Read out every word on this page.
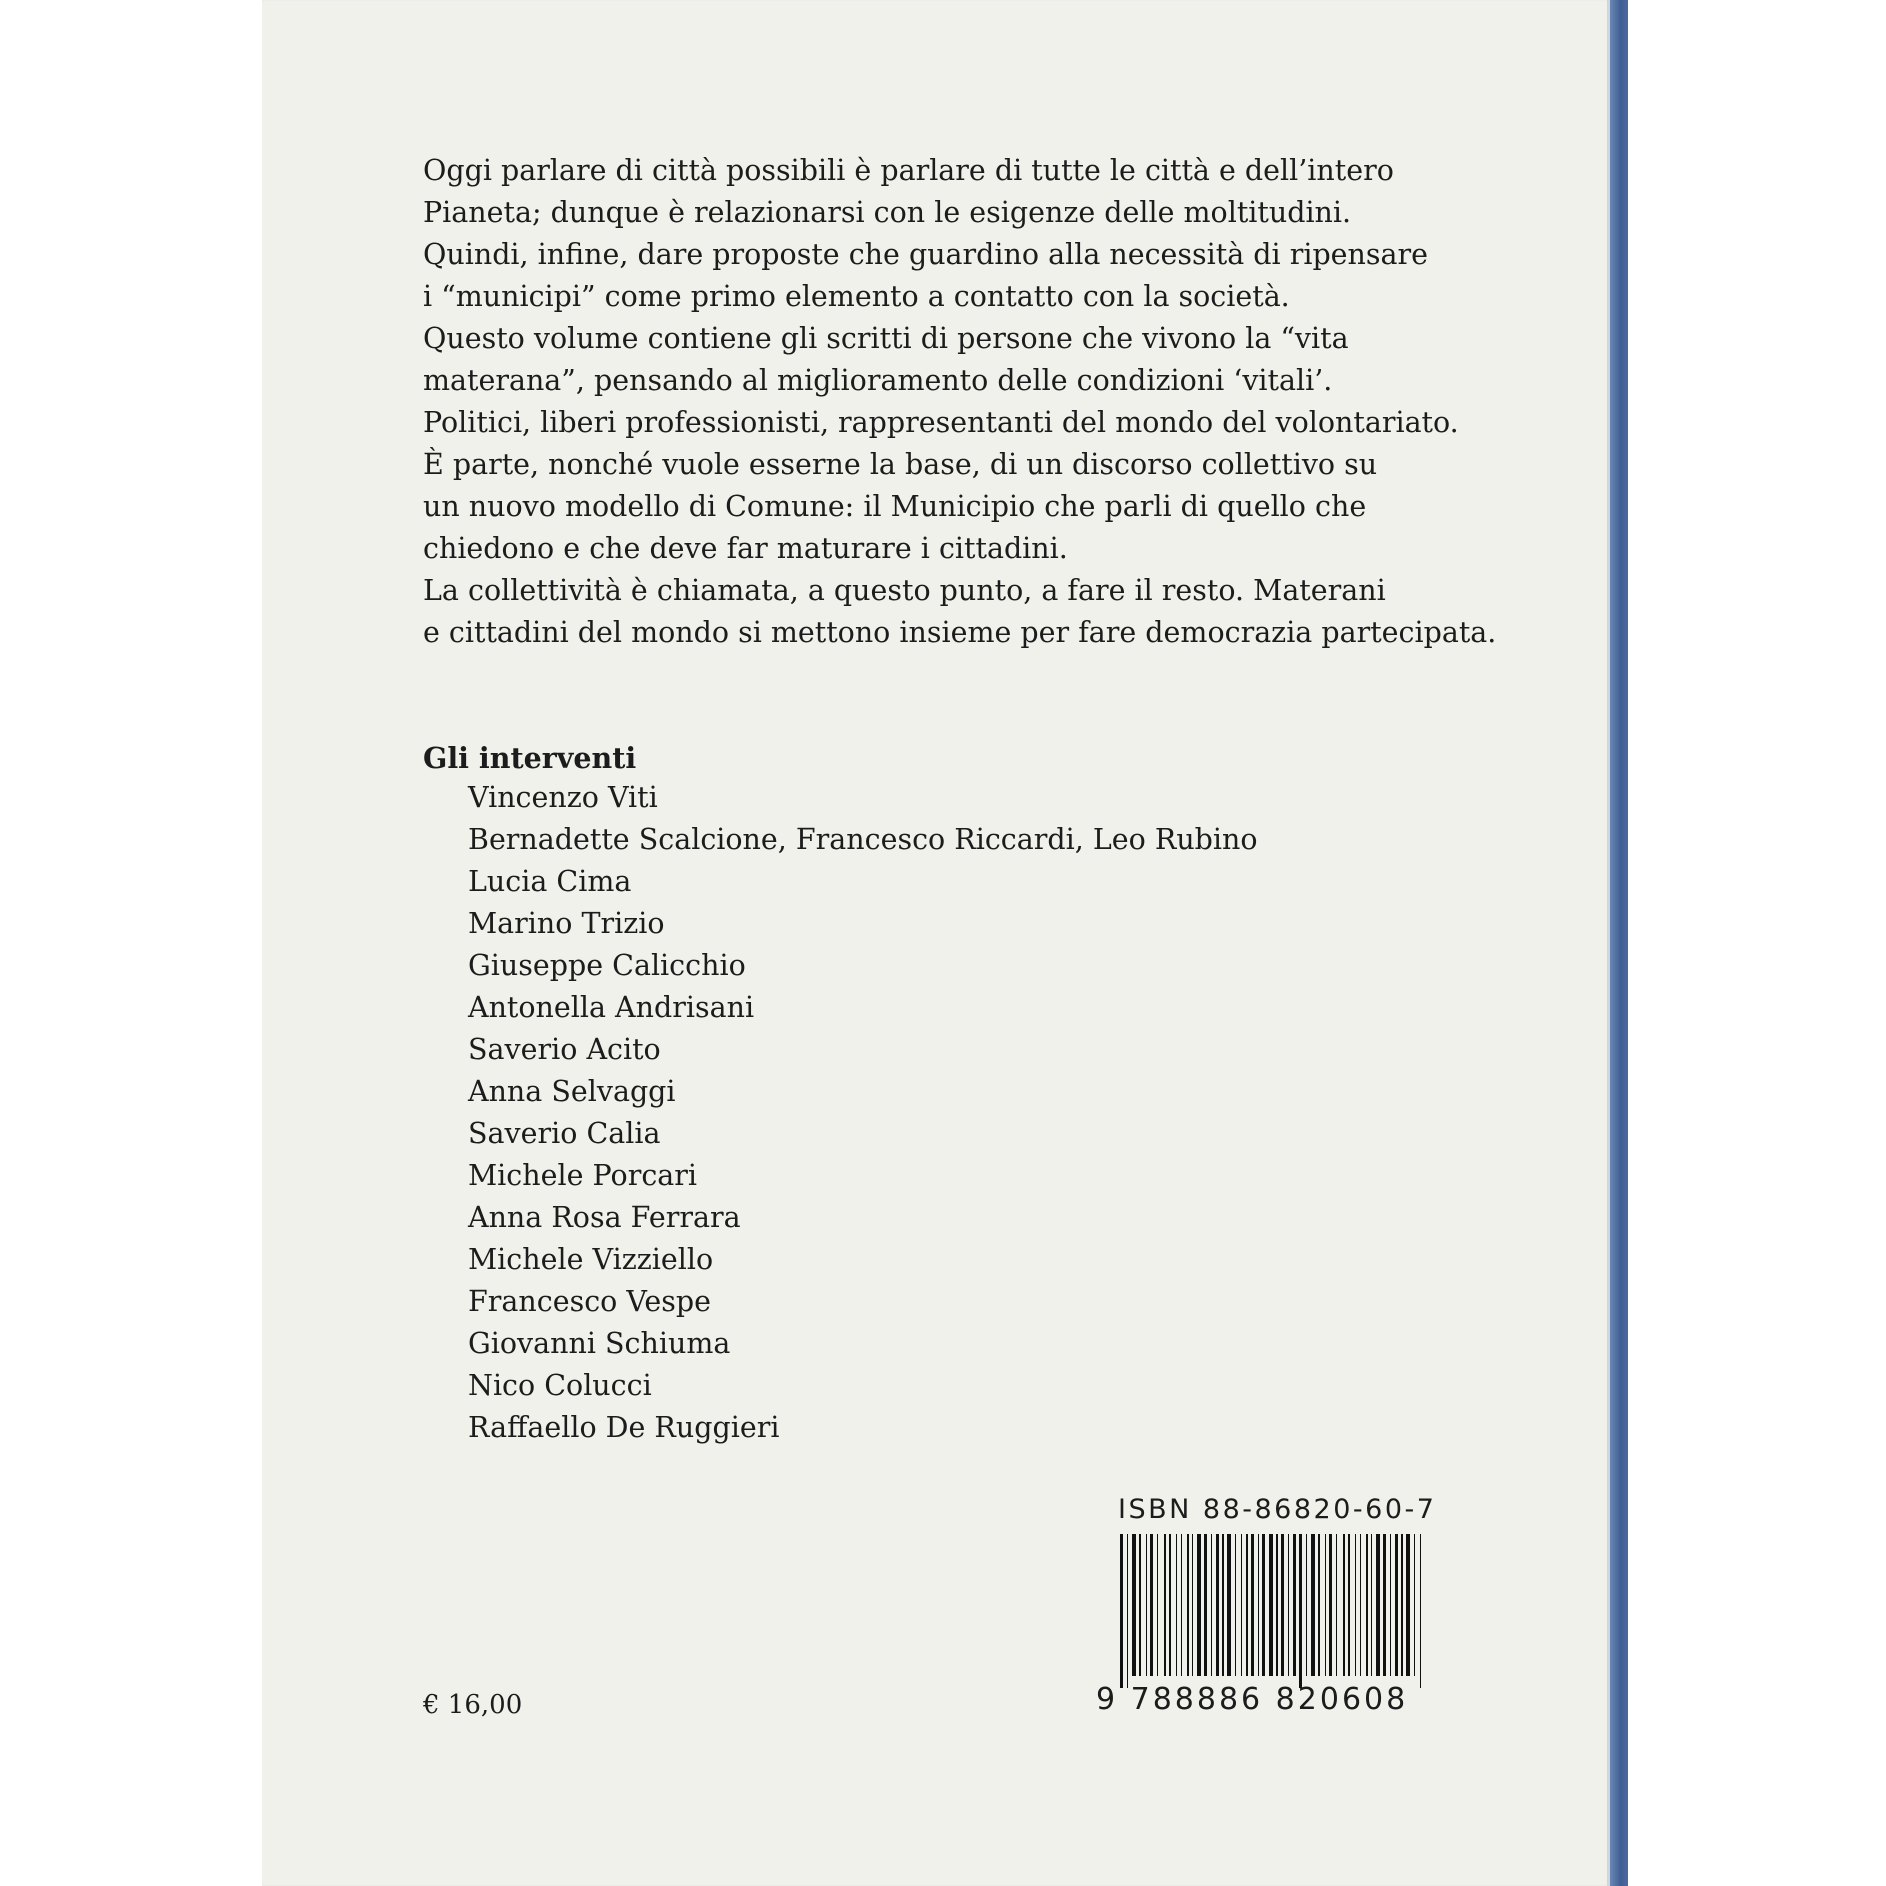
Oggi parlare di città possibili è parlare di tutte le città e dell’intero
Pianeta; dunque è relazionarsi con le esigenze delle moltitudini.
Quindi, infine, dare proposte che guardino alla necessità di ripensare
i “municipi” come primo elemento a contatto con la società.
Questo volume contiene gli scritti di persone che vivono la “vita
materana”, pensando al miglioramento delle condizioni ‘vitali’.
Politici, liberi professionisti, rappresentanti del mondo del volontariato.
È parte, nonché vuole esserne la base, di un discorso collettivo su
un nuovo modello di Comune: il Municipio che parli di quello che
chiedono e che deve far maturare i cittadini.
La collettività è chiamata, a questo punto, a fare il resto. Materani
e cittadini del mondo si mettono insieme per fare democrazia partecipata.
Gli interventi
Vincenzo Viti
Bernadette Scalcione, Francesco Riccardi, Leo Rubino
Lucia Cima
Marino Trizio
Giuseppe Calicchio
Antonella Andrisani
Saverio Acito
Anna Selvaggi
Saverio Calia
Michele Porcari
Anna Rosa Ferrara
Michele Vizziello
Francesco Vespe
Giovanni Schiuma
Nico Colucci
Raffaello De Ruggieri
€ 16,00
ISBN 88-86820-60-7
9 788886 820608
